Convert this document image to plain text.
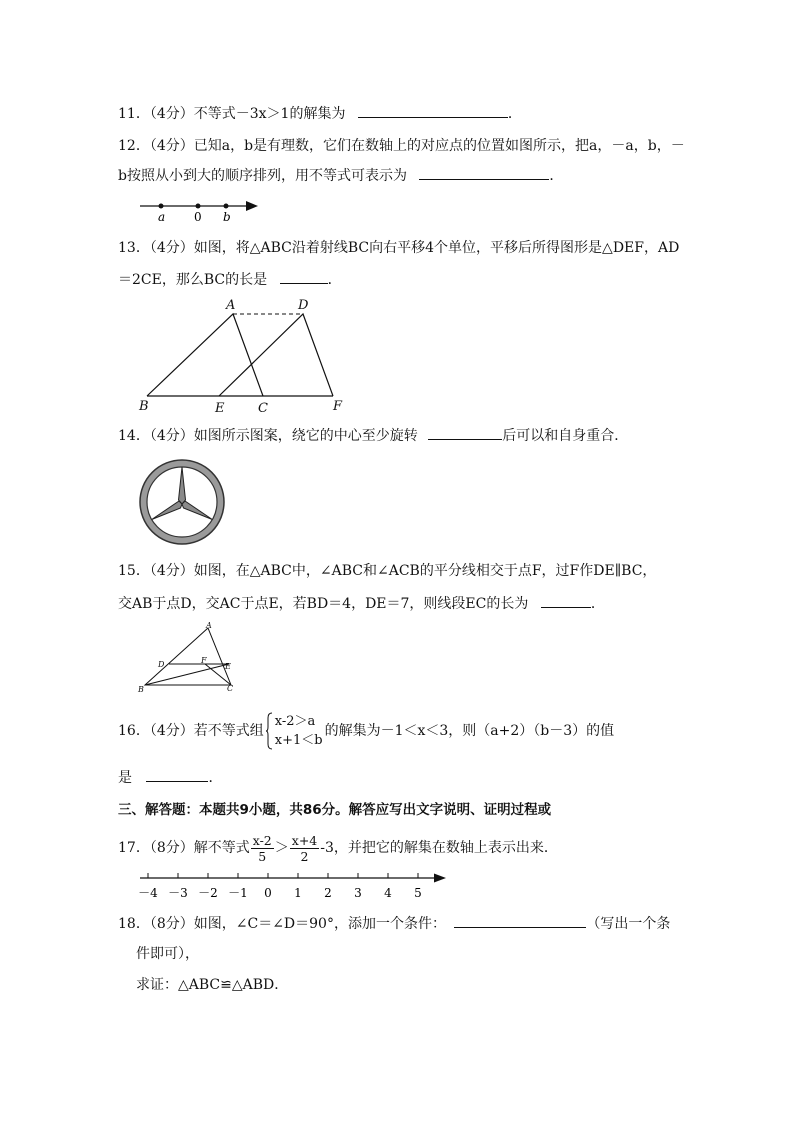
11．（4分）不等式－3x＞1的解集为	．
12．（4分）已知a，b是有理数，它们在数轴上的对应点的位置如图所示，把a，－a，b，－
b按照从小到大的顺序排列，用不等式可表示为	．
a 0 b
13．（4分）如图，将△ABC沿着射线BC向右平移4个单位，平移后所得图形是△DEF，AD
＝2CE，那么BC的长是	．
A	D
B	E	C	F
14．（4分）如图所示图案，绕它的中心至少旋转	后可以和自身重合．
15．（4分）如图，在△ABC中，∠ABC和∠ACB的平分线相交于点F，过F作DE∥BC，
交AB于点D，交AC于点E，若BD＝4，DE＝7，则线段EC的长为	．
A
D	F
E
B	C
16．（4分）若不等式组
x-2＞a
x+1＜b
的解集为－1＜x＜3，则（a+2）（b－3）的值
是	．
三、解答题：本题共9小题，共86分。解答应写出文字说明、证明过程或
17．（8分）解不等式 $\frac{x-2}{5} > \frac{x+4}{2} -3$，并把它的解集在数轴上表示出来．
－4 －3 －2 －1 0 1 2 3 4 5
18．（8分）如图，∠C＝∠D＝90°，添加一个条件：	（写出一个条
件即可），
求证：△ABC≌△ABD．
